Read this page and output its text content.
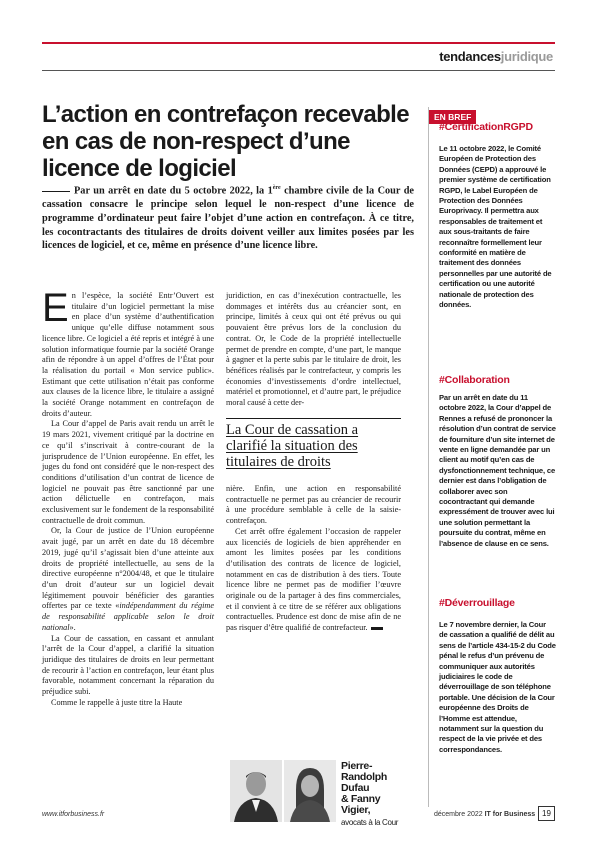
tendancesjuridique
L’action en contrefaçon recevable en cas de non-respect d’une licence de logiciel
Par un arrêt en date du 5 octobre 2022, la 1ère chambre civile de la Cour de cassation consacre le principe selon lequel le non-respect d’une licence de programme d’ordinateur peut faire l’objet d’une action en contrefaçon. À ce titre, les cocontractants des titulaires de droits doivent veiller aux limites posées par les licences de logiciel, et ce, même en présence d’une licence libre.

En l’espèce, la société Entr’Ouvert est titulaire d’un logiciel permettant la mise en place d’un système d’authentification unique qu’elle diffuse notamment sous licence libre. Ce logiciel a été repris et intégré à une solution informatique fournie par la société Orange afin de répondre à un appel d’offres de l’État pour la réalisation du portail « Mon service public». Estimant que cette utilisation n’était pas conforme aux clauses de la licence libre, le titulaire a assigné la société Orange notamment en contrefaçon de droits d’auteur.

La Cour d’appel de Paris avait rendu un arrêt le 19 mars 2021, vivement critiqué par la doctrine en ce qu’il s’inscrivait à contre-courant de la jurisprudence de l’Union européenne. En effet, les juges du fond ont considéré que le non-respect des conditions d’utilisation d’un contrat de licence de logiciel ne pouvait pas être sanctionné par une action délictuelle en contrefaçon, mais exclusivement sur le fondement de la responsabilité contractuelle de droit commun.

Or, la Cour de justice de l’Union européenne avait jugé, par un arrêt en date du 18 décembre 2019, jugé qu’il s’agissait bien d’une atteinte aux droits de propriété intellectuelle, au sens de la directive européenne n°2004/48, et que le titulaire d’un droit d’auteur sur un logiciel devait légitimement pouvoir bénéficier des garanties offertes par ce texte «indépendamment du régime de responsabilité applicable selon le droit national».

La Cour de cassation, en cassant et annulant l’arrêt de la Cour d’appel, a clarifié la situation juridique des titulaires de droits en leur permettant de recourir à l’action en contrefaçon, leur étant plus favorable, notamment concernant la réparation du préjudice subi.

Comme le rappelle à juste titre la Haute

juridiction, en cas d’inexécution contractuelle, les dommages et intérêts dus au créancier sont, en principe, limités à ceux qui ont été prévus ou qui pouvaient être prévus lors de la conclusion du contrat. Or, le Code de la propriété intellectuelle permet de prendre en compte, d’une part, le manque à gagner et la perte subis par le titulaire de droit, les bénéfices réalisés par le contrefacteur, y compris les économies d’investissements d’ordre intellectuel, matériel et promotionnel, et d’autre part, le préjudice moral causé à cette der-

La Cour de cassation a clarifié la situation des titulaires de droits

nière. Enfin, une action en responsabilité contractuelle ne permet pas au créancier de recourir à une procédure semblable à celle de la saisie-contrefaçon.

Cet arrêt offre également l’occasion de rappeler aux licenciés de logiciels de bien appréhender en amont les limites posées par les conditions d’utilisation des contrats de licence de logiciel, notamment en cas de distribution à des tiers. Toute licence libre ne permet pas de modifier l’œuvre originale ou de la partager à des fins commerciales, et il convient à ce titre de se référer aux obligations contractuelles. Prudence est donc de mise afin de ne pas risquer d’être qualifié de contrefacteur.

Pierre-Randolph Dufau
& Fanny Vigier,
avocats à la Cour
EN BREF
#CertificationRGPD
Le 11 octobre 2022, le Comité Européen de Protection des Données (CEPD) a approuvé le premier système de certification RGPD, le Label Européen de Protection des Données Europrivacy. Il permettra aux responsables de traitement et aux sous-traitants de faire reconnaître formellement leur conformité en matière de traitement des données personnelles par une autorité de certification ou une autorité nationale de protection des données.
#Collaboration
Par un arrêt en date du 11 octobre 2022, la Cour d’appel de Rennes a refusé de prononcer la résolution d’un contrat de service de fourniture d’un site internet de vente en ligne demandée par un client au motif qu’en cas de dysfonctionnement technique, ce dernier est dans l’obligation de collaborer avec son cocontractant qui demande expressément de trouver avec lui une solution permettant la poursuite du contrat, même en l’absence de clause en ce sens.
#Déverrouillage
Le 7 novembre dernier, la Cour de cassation a qualifié de délit au sens de l’article 434-15-2 du Code pénal le refus d’un prévenu de communiquer aux autorités judiciaires le code de déverrouillage de son téléphone portable. Une décision de la Cour européenne des Droits de l’Homme est attendue, notamment sur la question du respect de la vie privée et des correspondances.
www.itforbusiness.fr	décembre 2022 IT for Business 19
